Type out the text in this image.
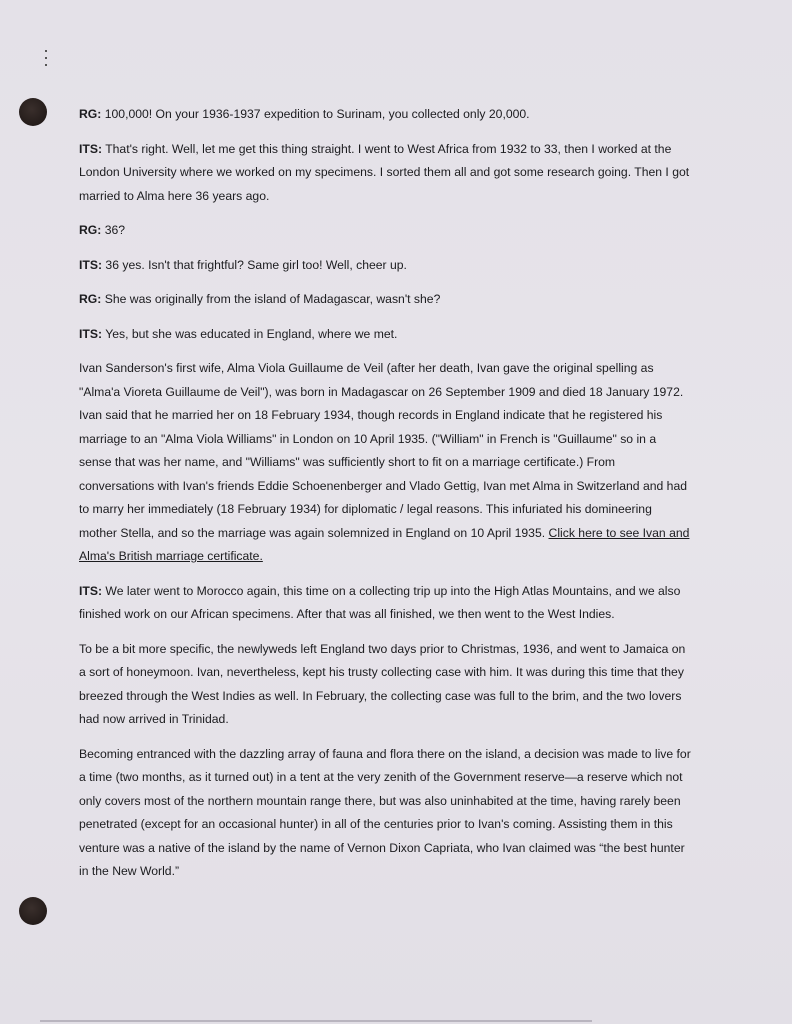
RG: 100,000! On your 1936-1937 expedition to Surinam, you collected only 20,000.

ITS: That's right. Well, let me get this thing straight. I went to West Africa from 1932 to 33, then I worked at the London University where we worked on my specimens. I sorted them all and got some research going. Then I got married to Alma here 36 years ago.

RG: 36?

ITS: 36 yes. Isn't that frightful? Same girl too! Well, cheer up.

RG: She was originally from the island of Madagascar, wasn't she?

ITS: Yes, but she was educated in England, where we met.

Ivan Sanderson's first wife, Alma Viola Guillaume de Veil (after her death, Ivan gave the original spelling as "Alma'a Vioreta Guillaume de Veil"), was born in Madagascar on 26 September 1909 and died 18 January 1972. Ivan said that he married her on 18 February 1934, though records in England indicate that he registered his marriage to an "Alma Viola Williams" in London on 10 April 1935. ("William" in French is "Guillaume" so in a sense that was her name, and "Williams" was sufficiently short to fit on a marriage certificate.) From conversations with Ivan's friends Eddie Schoenenberger and Vlado Gettig, Ivan met Alma in Switzerland and had to marry her immediately (18 February 1934) for diplomatic / legal reasons. This infuriated his domineering mother Stella, and so the marriage was again solemnized in England on 10 April 1935. Click here to see Ivan and Alma's British marriage certificate.

ITS: We later went to Morocco again, this time on a collecting trip up into the High Atlas Mountains, and we also finished work on our African specimens. After that was all finished, we then went to the West Indies.

To be a bit more specific, the newlyweds left England two days prior to Christmas, 1936, and went to Jamaica on a sort of honeymoon. Ivan, nevertheless, kept his trusty collecting case with him. It was during this time that they breezed through the West Indies as well. In February, the collecting case was full to the brim, and the two lovers had now arrived in Trinidad.

Becoming entranced with the dazzling array of fauna and flora there on the island, a decision was made to live for a time (two months, as it turned out) in a tent at the very zenith of the Government reserve—a reserve which not only covers most of the northern mountain range there, but was also uninhabited at the time, having rarely been penetrated (except for an occasional hunter) in all of the centuries prior to Ivan's coming. Assisting them in this venture was a native of the island by the name of Vernon Dixon Capriata, who Ivan claimed was “the best hunter in the New World.”
